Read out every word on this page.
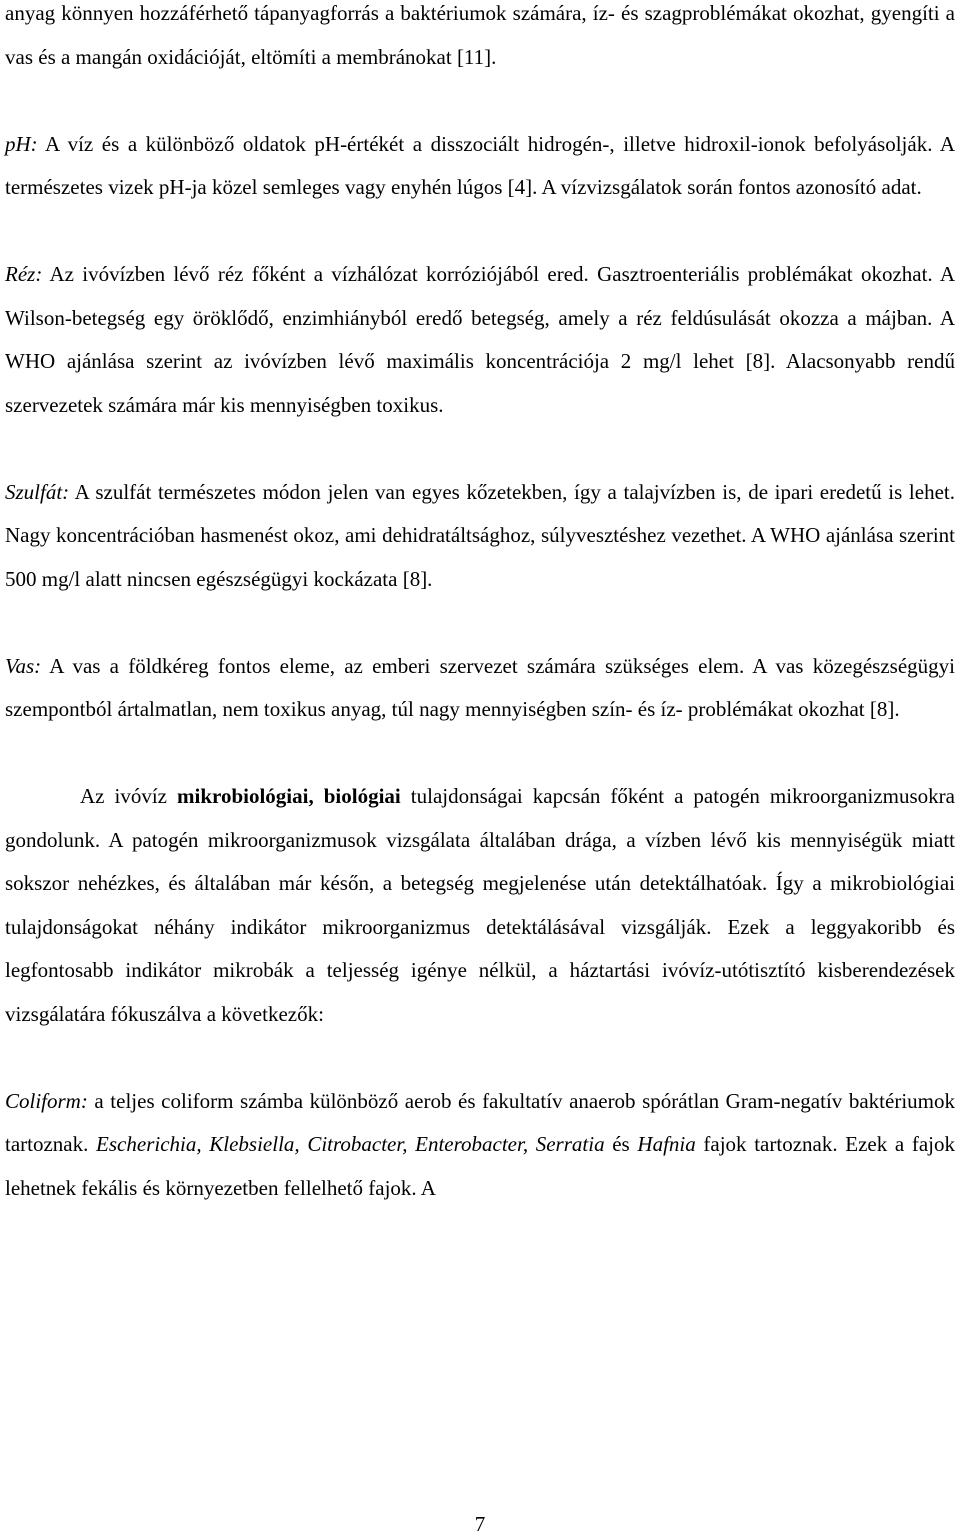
anyag könnyen hozzáférhető tápanyagforrás a baktériumok számára, íz- és szagproblémákat okozhat, gyengíti a vas és a mangán oxidációját, eltömíti a membránokat [11].

pH: A víz és a különböző oldatok pH-értékét a disszociált hidrogén-, illetve hidroxil-ionok befolyásolják. A természetes vizek pH-ja közel semleges vagy enyhén lúgos [4]. A vízvizsgálatok során fontos azonosító adat.

Réz: Az ivóvízben lévő réz főként a vízhálózat korróziójából ered. Gasztroenteriális problémákat okozhat. A Wilson-betegség egy öröklődő, enzimhiányból eredő betegség, amely a réz feldúsulását okozza a májban. A WHO ajánlása szerint az ivóvízben lévő maximális koncentrációja 2 mg/l lehet [8]. Alacsonyabb rendű szervezetek számára már kis mennyiségben toxikus.

Szulfát: A szulfát természetes módon jelen van egyes kőzetekben, így a talajvízben is, de ipari eredetű is lehet. Nagy koncentrációban hasmenést okoz, ami dehidratáltsághoz, súlyvesztéshez vezethet. A WHO ajánlása szerint 500 mg/l alatt nincsen egészségügyi kockázata [8].

Vas: A vas a földkéreg fontos eleme, az emberi szervezet számára szükséges elem. A vas közegészségügyi szempontból ártalmatlan, nem toxikus anyag, túl nagy mennyiségben szín- és íz- problémákat okozhat [8].

Az ivóvíz mikrobiológiai, biológiai tulajdonságai kapcsán főként a patogén mikroorganizmusokra gondolunk. A patogén mikroorganizmusok vizsgálata általában drága, a vízben lévő kis mennyiségük miatt sokszor nehézkes, és általában már későn, a betegség megjelenése után detektálhatóak. Így a mikrobiológiai tulajdonságokat néhány indikátor mikroorganizmus detektálásával vizsgálják. Ezek a leggyakoribb és legfontosabb indikátor mikrobák a teljesség igénye nélkül, a háztartási ivóvíz-utótisztító kisberendezések vizsgálatára fókuszálva a következők:

Coliform: a teljes coliform számba különböző aerob és fakultatív anaerob spórátlan Gram-negatív baktériumok tartoznak. Escherichia, Klebsiella, Citrobacter, Enterobacter, Serratia és Hafnia fajok tartoznak. Ezek a fajok lehetnek fekális és környezetben fellelhető fajok. A

7
